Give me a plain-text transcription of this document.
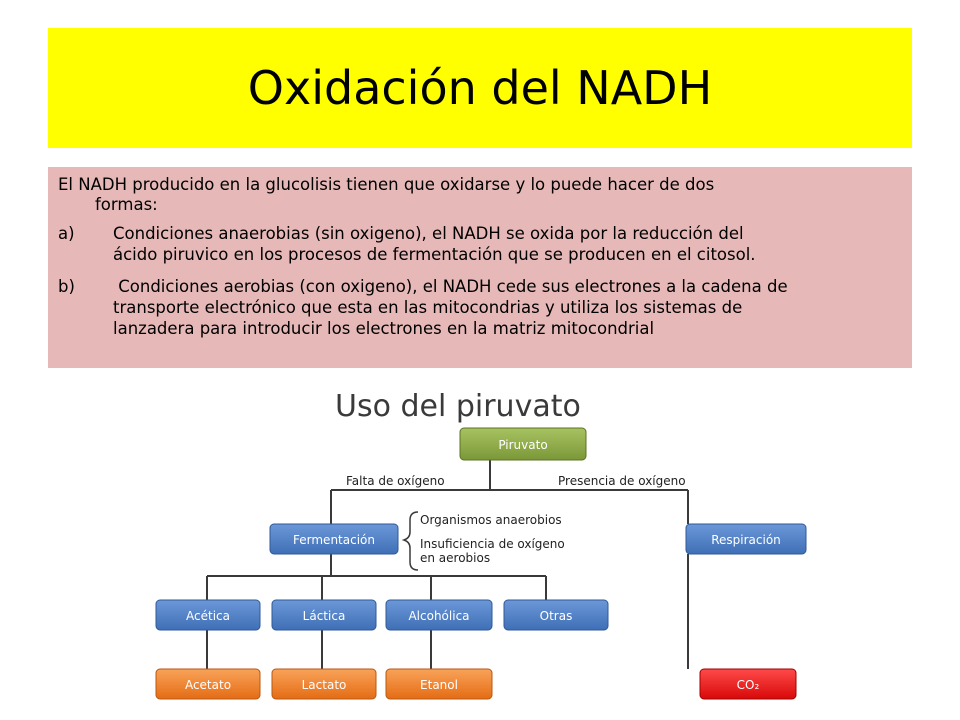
Oxidación del NADH
El NADH producido en la glucolisis tienen que oxidarse y lo puede hacer de dos
formas:
a) Condiciones anaerobias (sin oxigeno), el NADH se oxida por la reducción del
ácido piruvico en los procesos de fermentación que se producen en el citosol.
b) Condiciones aerobias (con oxigeno), el NADH cede sus electrones a la cadena de
transporte electrónico que esta en las mitocondrias y utiliza los sistemas de
lanzadera para introducir los electrones en la matriz mitocondrial
Uso del piruvato
Falta de oxígeno	Presencia de oxígeno
Piruvato
Fermentación	Respiración
Organismos anaerobios
Insuficiencia de oxígeno
en aerobios
Acética	Láctica	Alcohólica	Otras
Acetato	Lactato	Etanol	CO₂
